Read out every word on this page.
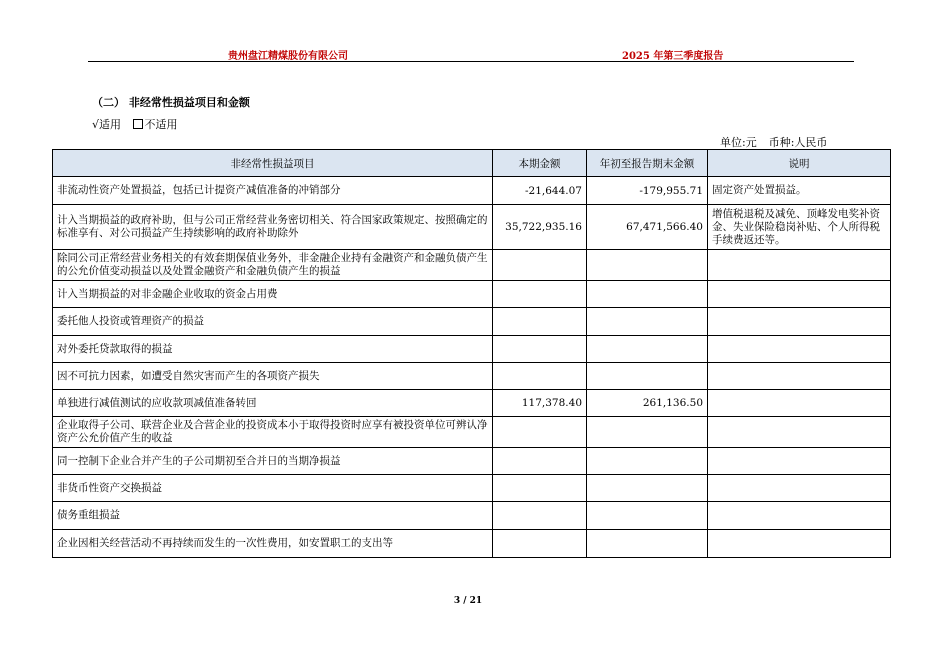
贵州盘江精煤股份有限公司	2025 年第三季度报告
（二） 非经常性损益项目和金额
√适用 不适用
单位:元 币种:人民币
非经常性损益项目	本期金额	年初至报告期末金额	说明
非流动性资产处置损益，包括已计提资产减值准备的冲销部分	-21,644.07	-179,955.71	固定资产处置损益。
计入当期损益的政府补助，但与公司正常经营业务密切相关、符合国家政策规定、按照确定的标准享有、对公司损益产生持续影响的政府补助除外	35,722,935.16	67,471,566.40	增值税退税及减免、顶峰发电奖补资金、失业保险稳岗补贴、个人所得税手续费返还等。
除同公司正常经营业务相关的有效套期保值业务外，非金融企业持有金融资产和金融负债产生的公允价值变动损益以及处置金融资产和金融负债产生的损益			
计入当期损益的对非金融企业收取的资金占用费			
委托他人投资或管理资产的损益			
对外委托贷款取得的损益			
因不可抗力因素，如遭受自然灾害而产生的各项资产损失			
单独进行减值测试的应收款项减值准备转回	117,378.40	261,136.50	
企业取得子公司、联营企业及合营企业的投资成本小于取得投资时应享有被投资单位可辨认净资产公允价值产生的收益			
同一控制下企业合并产生的子公司期初至合并日的当期净损益			
非货币性资产交换损益			
债务重组损益			
企业因相关经营活动不再持续而发生的一次性费用，如安置职工的支出等			
3 / 21
